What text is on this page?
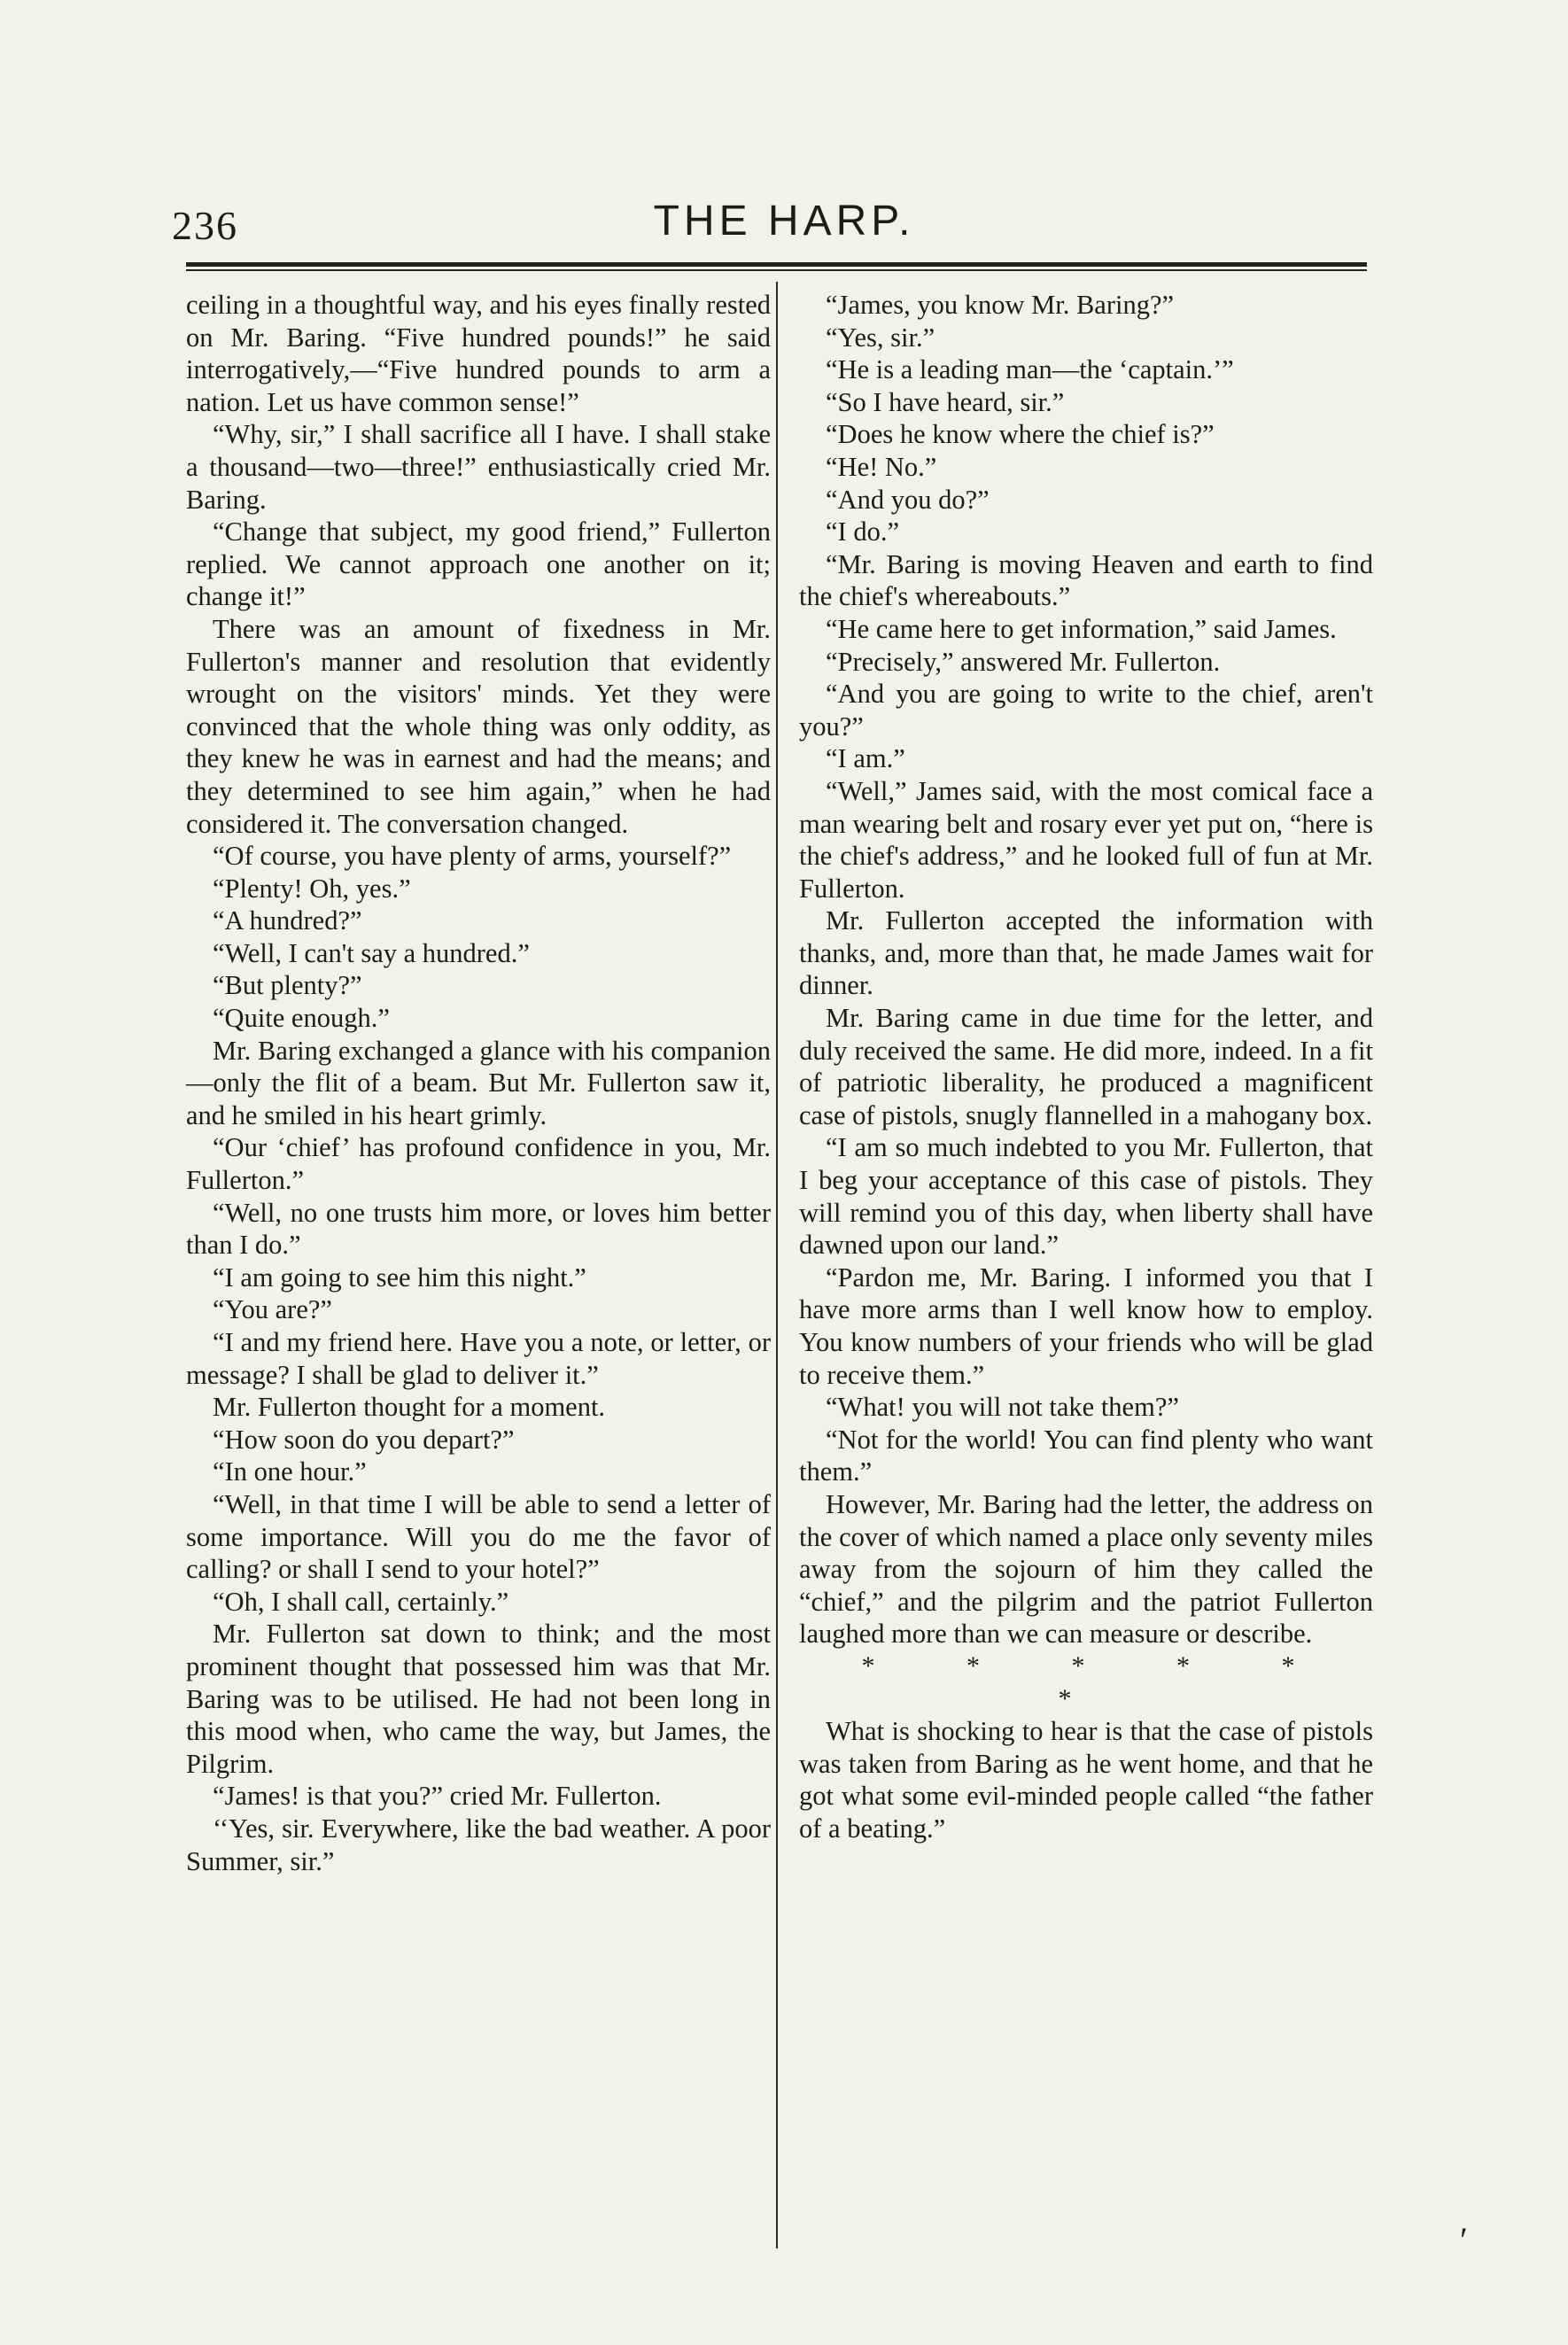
236	THE HARP.

ceiling in a thoughtful way, and his eyes finally rested on Mr. Baring. “Five hundred pounds!” he said interrogatively,—“Five hundred pounds to arm a nation. Let us have common sense!”

“Why, sir,” I shall sacrifice all I have. I shall stake a thousand—two—three!” enthusiastically cried Mr. Baring.

“Change that subject, my good friend,” Fullerton replied. We cannot approach one another on it; change it!”

There was an amount of fixedness in Mr. Fullerton's manner and resolution that evidently wrought on the visitors' minds. Yet they were convinced that the whole thing was only oddity, as they knew he was in earnest and had the means; and they determined to see him again,” when he had considered it. The conversation changed.

“Of course, you have plenty of arms, yourself?”

“Plenty! Oh, yes.”

“A hundred?”

“Well, I can't say a hundred.”

“But plenty?”

“Quite enough.”

Mr. Baring exchanged a glance with his companion—only the flit of a beam. But Mr. Fullerton saw it, and he smiled in his heart grimly.

“Our ‘chief’ has profound confidence in you, Mr. Fullerton.”

“Well, no one trusts him more, or loves him better than I do.”

“I am going to see him this night.”

“You are?”

“I and my friend here. Have you a note, or letter, or message? I shall be glad to deliver it.”

Mr. Fullerton thought for a moment.

“How soon do you depart?”

“In one hour.”

“Well, in that time I will be able to send a letter of some importance. Will you do me the favor of calling? or shall I send to your hotel?”

“Oh, I shall call, certainly.”

Mr. Fullerton sat down to think; and the most prominent thought that possessed him was that Mr. Baring was to be utilised. He had not been long in this mood when, who came the way, but James, the Pilgrim.

“James! is that you?” cried Mr. Fullerton.

‘‘Yes, sir. Everywhere, like the bad weather. A poor Summer, sir.”

“James, you know Mr. Baring?”

“Yes, sir.”

“He is a leading man—the ‘captain.’”

“So I have heard, sir.”

“Does he know where the chief is?”

“He! No.”

“And you do?”

“I do.”

“Mr. Baring is moving Heaven and earth to find the chief's whereabouts.”

“He came here to get information,” said James.

“Precisely,” answered Mr. Fullerton.

“And you are going to write to the chief, aren't you?”

“I am.”

“Well,” James said, with the most comical face a man wearing belt and rosary ever yet put on, “here is the chief's address,” and he looked full of fun at Mr. Fullerton.

Mr. Fullerton accepted the information with thanks, and, more than that, he made James wait for dinner.

Mr. Baring came in due time for the letter, and duly received the same. He did more, indeed. In a fit of patriotic liberality, he produced a magnificent case of pistols, snugly flannelled in a mahogany box.

“I am so much indebted to you Mr. Fullerton, that I beg your acceptance of this case of pistols. They will remind you of this day, when liberty shall have dawned upon our land.”

“Pardon me, Mr. Baring. I informed you that I have more arms than I well know how to employ. You know numbers of your friends who will be glad to receive them.”

“What! you will not take them?”

“Not for the world! You can find plenty who want them.”

However, Mr. Baring had the letter, the address on the cover of which named a place only seventy miles away from the sojourn of him they called the “chief,” and the pilgrim and the patriot Fullerton laughed more than we can measure or describe.

* * * * * *

What is shocking to hear is that the case of pistols was taken from Baring as he went home, and that he got what some evil-minded people called “the father of a beating.”

′
